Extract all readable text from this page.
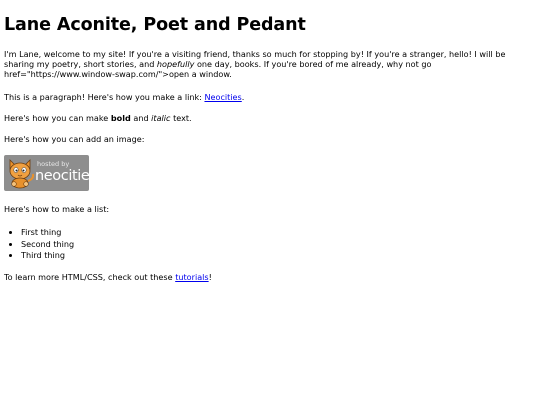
Lane Aconite, Poet and Pedant

I'm Lane, welcome to my site! If you're a visiting friend, thanks so much for stopping by! If you're a stranger, hello! I will be sharing my poetry, short stories, and hopefully one day, books. If you're bored of me already, why not go href="https://www.window-swap.com/">open a window.

This is a paragraph! Here's how you make a link: Neocities.

Here's how you can make bold and italic text.

Here's how you can add an image:

hosted by
neocities

Here's how to make a list:

• First thing
• Second thing
• Third thing

To learn more HTML/CSS, check out these tutorials!
